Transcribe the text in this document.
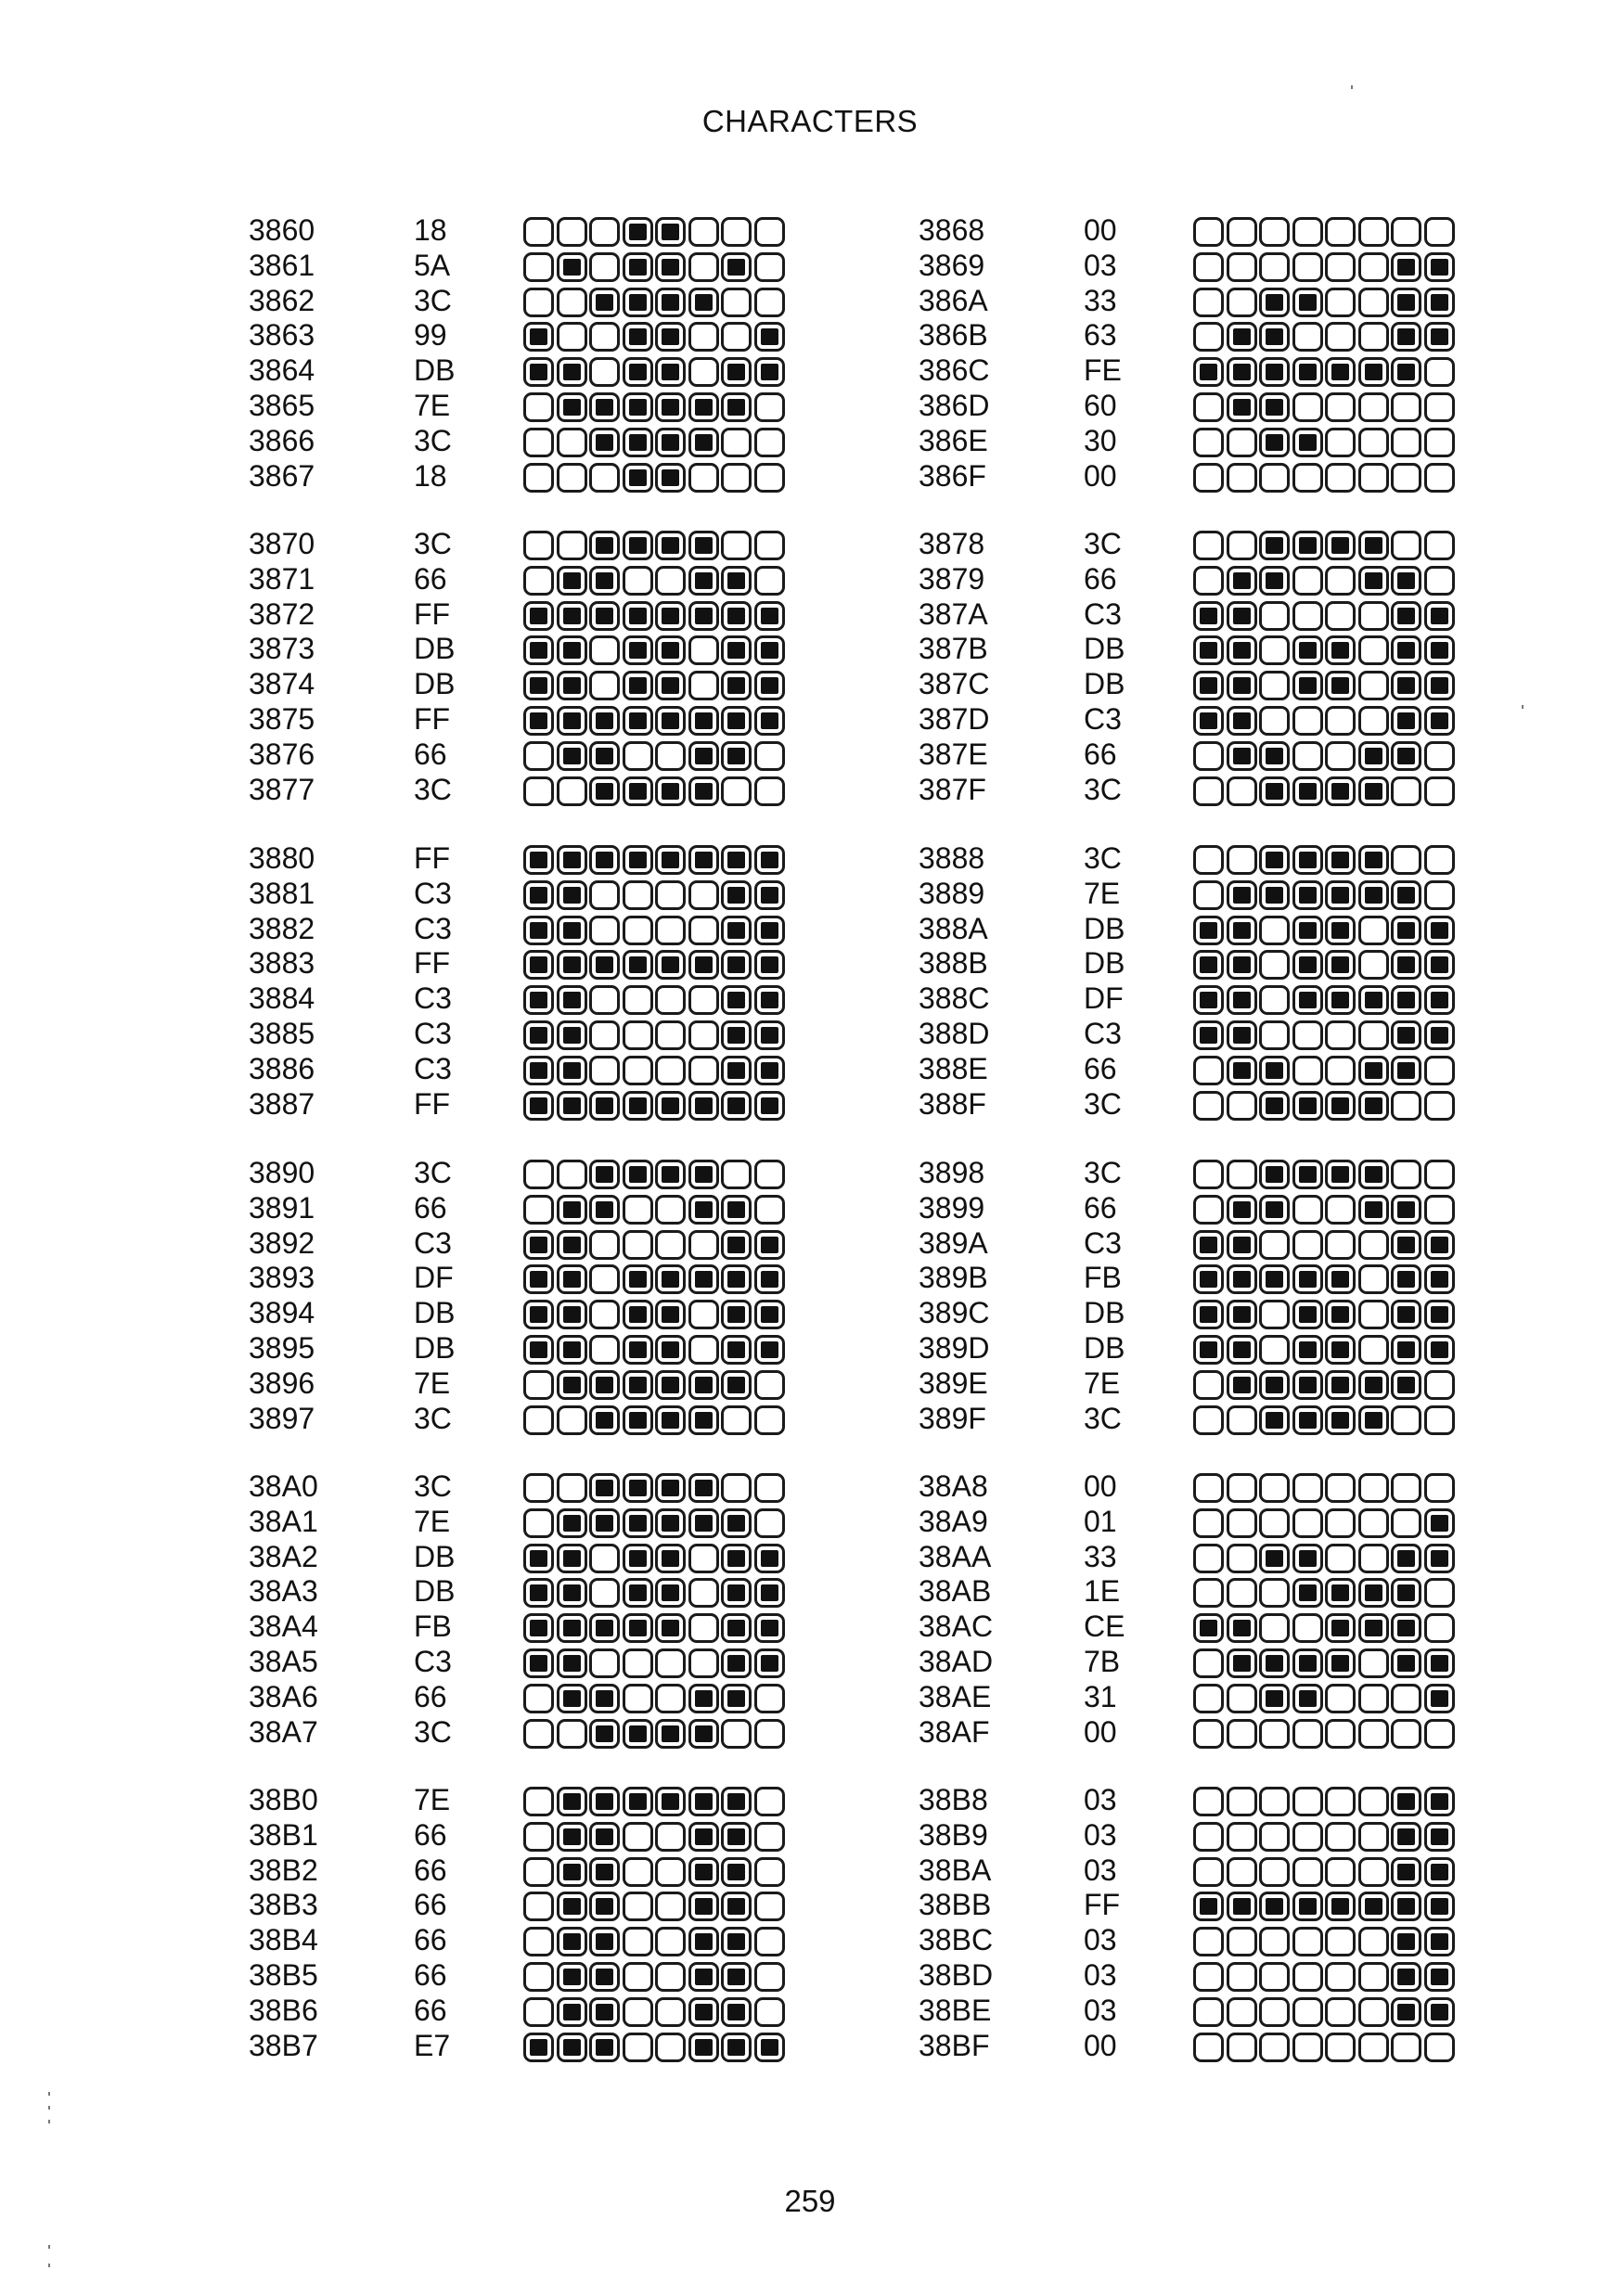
CHARACTERS
3860
3861
3862
3863
3864
3865
3866
3867
18
5A
3C
99
DB
7E
3C
18
3868
3869
386A
386B
386C
386D
386E
386F
00
03
33
63
FE
60
30
00
3870
3871
3872
3873
3874
3875
3876
3877
3C
66
FF
DB
DB
FF
66
3C
3878
3879
387A
387B
387C
387D
387E
387F
3C
66
C3
DB
DB
C3
66
3C
3880
3881
3882
3883
3884
3885
3886
3887
FF
C3
C3
FF
C3
C3
C3
FF
3888
3889
388A
388B
388C
388D
388E
388F
3C
7E
DB
DB
DF
C3
66
3C
3890
3891
3892
3893
3894
3895
3896
3897
3C
66
C3
DF
DB
DB
7E
3C
3898
3899
389A
389B
389C
389D
389E
389F
3C
66
C3
FB
DB
DB
7E
3C
38A0
38A1
38A2
38A3
38A4
38A5
38A6
38A7
3C
7E
DB
DB
FB
C3
66
3C
38A8
38A9
38AA
38AB
38AC
38AD
38AE
38AF
00
01
33
1E
CE
7B
31
00
38B0
38B1
38B2
38B3
38B4
38B5
38B6
38B7
7E
66
66
66
66
66
66
E7
38B8
38B9
38BA
38BB
38BC
38BD
38BE
38BF
03
03
03
FF
03
03
03
00
259
